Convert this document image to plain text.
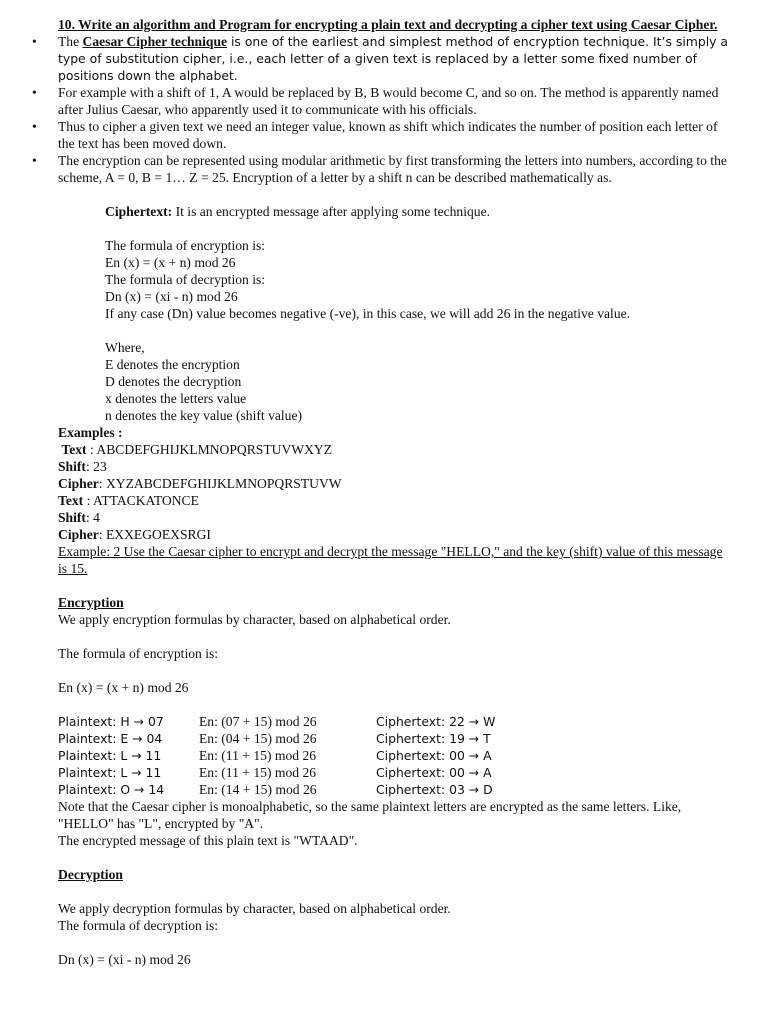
10. Write an algorithm and Program for encrypting a plain text and decrypting a cipher text using Caesar Cipher.

• The Caesar Cipher technique is one of the earliest and simplest method of encryption technique. It’s simply a type of substitution cipher, i.e., each letter of a given text is replaced by a letter some fixed number of positions down the alphabet.
• For example with a shift of 1, A would be replaced by B, B would become C, and so on. The method is apparently named after Julius Caesar, who apparently used it to communicate with his officials.
• Thus to cipher a given text we need an integer value, known as shift which indicates the number of position each letter of the text has been moved down.
• The encryption can be represented using modular arithmetic by first transforming the letters into numbers, according to the scheme, A = 0, B = 1… Z = 25. Encryption of a letter by a shift n can be described mathematically as.

Ciphertext: It is an encrypted message after applying some technique.

The formula of encryption is:

En (x) = (x + n) mod 26

The formula of decryption is:

Dn (x) = (xi - n) mod 26

If any case (Dn) value becomes negative (-ve), in this case, we will add 26 in the negative value.

Where,

E denotes the encryption

D denotes the decryption

x denotes the letters value

n denotes the key value (shift value)

Examples :

Text : ABCDEFGHIJKLMNOPQRSTUVWXYZ

Shift: 23

Cipher: XYZABCDEFGHIJKLMNOPQRSTUVW

Text : ATTACKATONCE

Shift: 4

Cipher: EXXEGOEXSRGI

Example: 2 Use the Caesar cipher to encrypt and decrypt the message "HELLO," and the key (shift) value of this message is 15.

Encryption

We apply encryption formulas by character, based on alphabetical order.

The formula of encryption is:

En (x) = (x + n) mod 26

Plaintext: H → 07	En: (07 + 15) mod 26	Ciphertext: 22 → W
Plaintext: E → 04	En: (04 + 15) mod 26	Ciphertext: 19 → T
Plaintext: L → 11	En: (11 + 15) mod 26	Ciphertext: 00 → A
Plaintext: L → 11	En: (11 + 15) mod 26	Ciphertext: 00 → A
Plaintext: O → 14	En: (14 + 15) mod 26	Ciphertext: 03 → D

Note that the Caesar cipher is monoalphabetic, so the same plaintext letters are encrypted as the same letters. Like, "HELLO" has "L", encrypted by "A".

The encrypted message of this plain text is "WTAAD".

Decryption

We apply decryption formulas by character, based on alphabetical order.

The formula of decryption is:

Dn (x) = (xi - n) mod 26
